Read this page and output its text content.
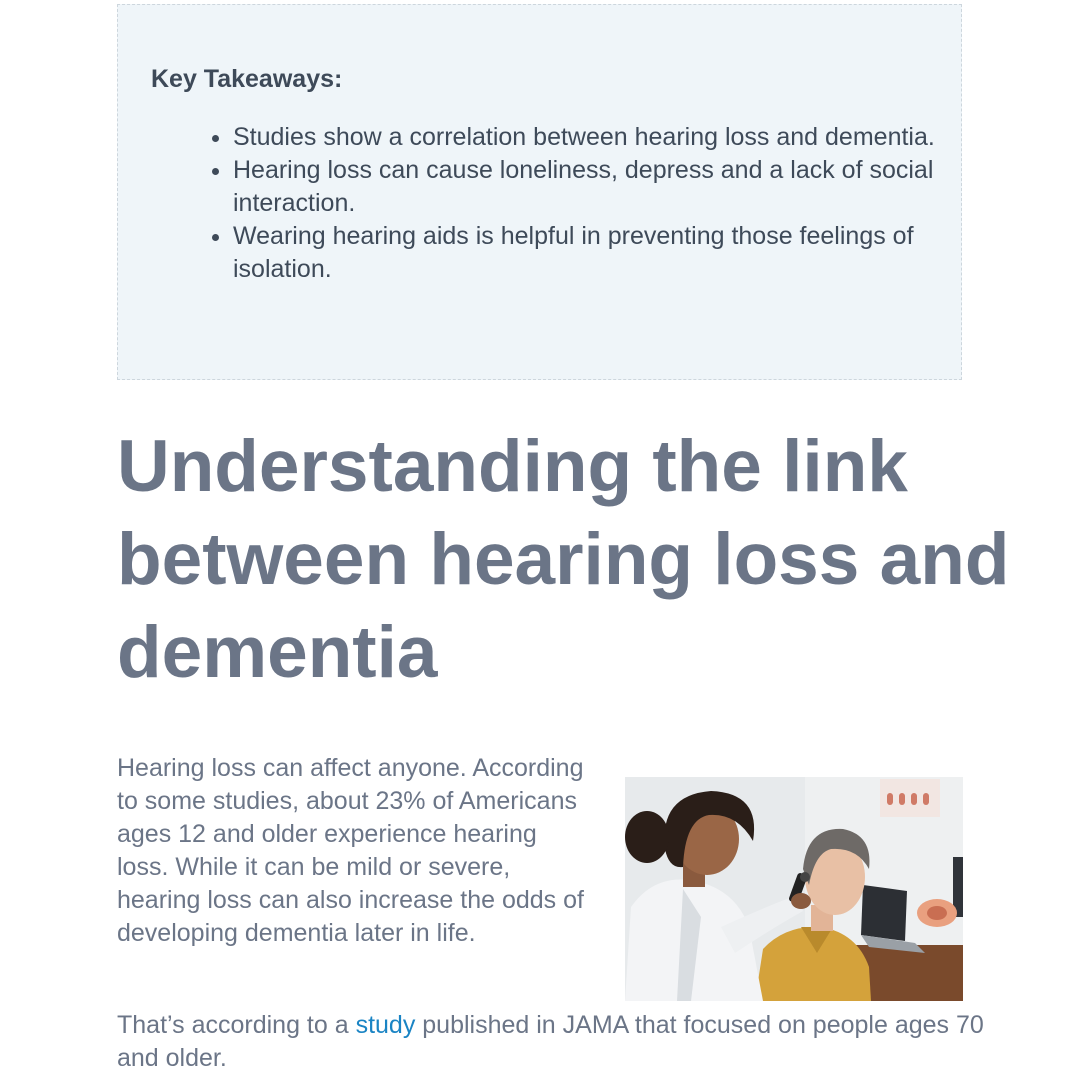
Key Takeaways:
• Studies show a correlation between hearing loss and dementia.
• Hearing loss can cause loneliness, depress and a lack of social interaction.
• Wearing hearing aids is helpful in preventing those feelings of isolation.
Understanding the link between hearing loss and dementia

Hearing loss can affect anyone. According to some studies, about 23% of Americans ages 12 and older experience hearing loss. While it can be mild or severe, hearing loss can also increase the odds of developing dementia later in life.

That’s according to a study published in JAMA that focused on people ages 70 and older.
